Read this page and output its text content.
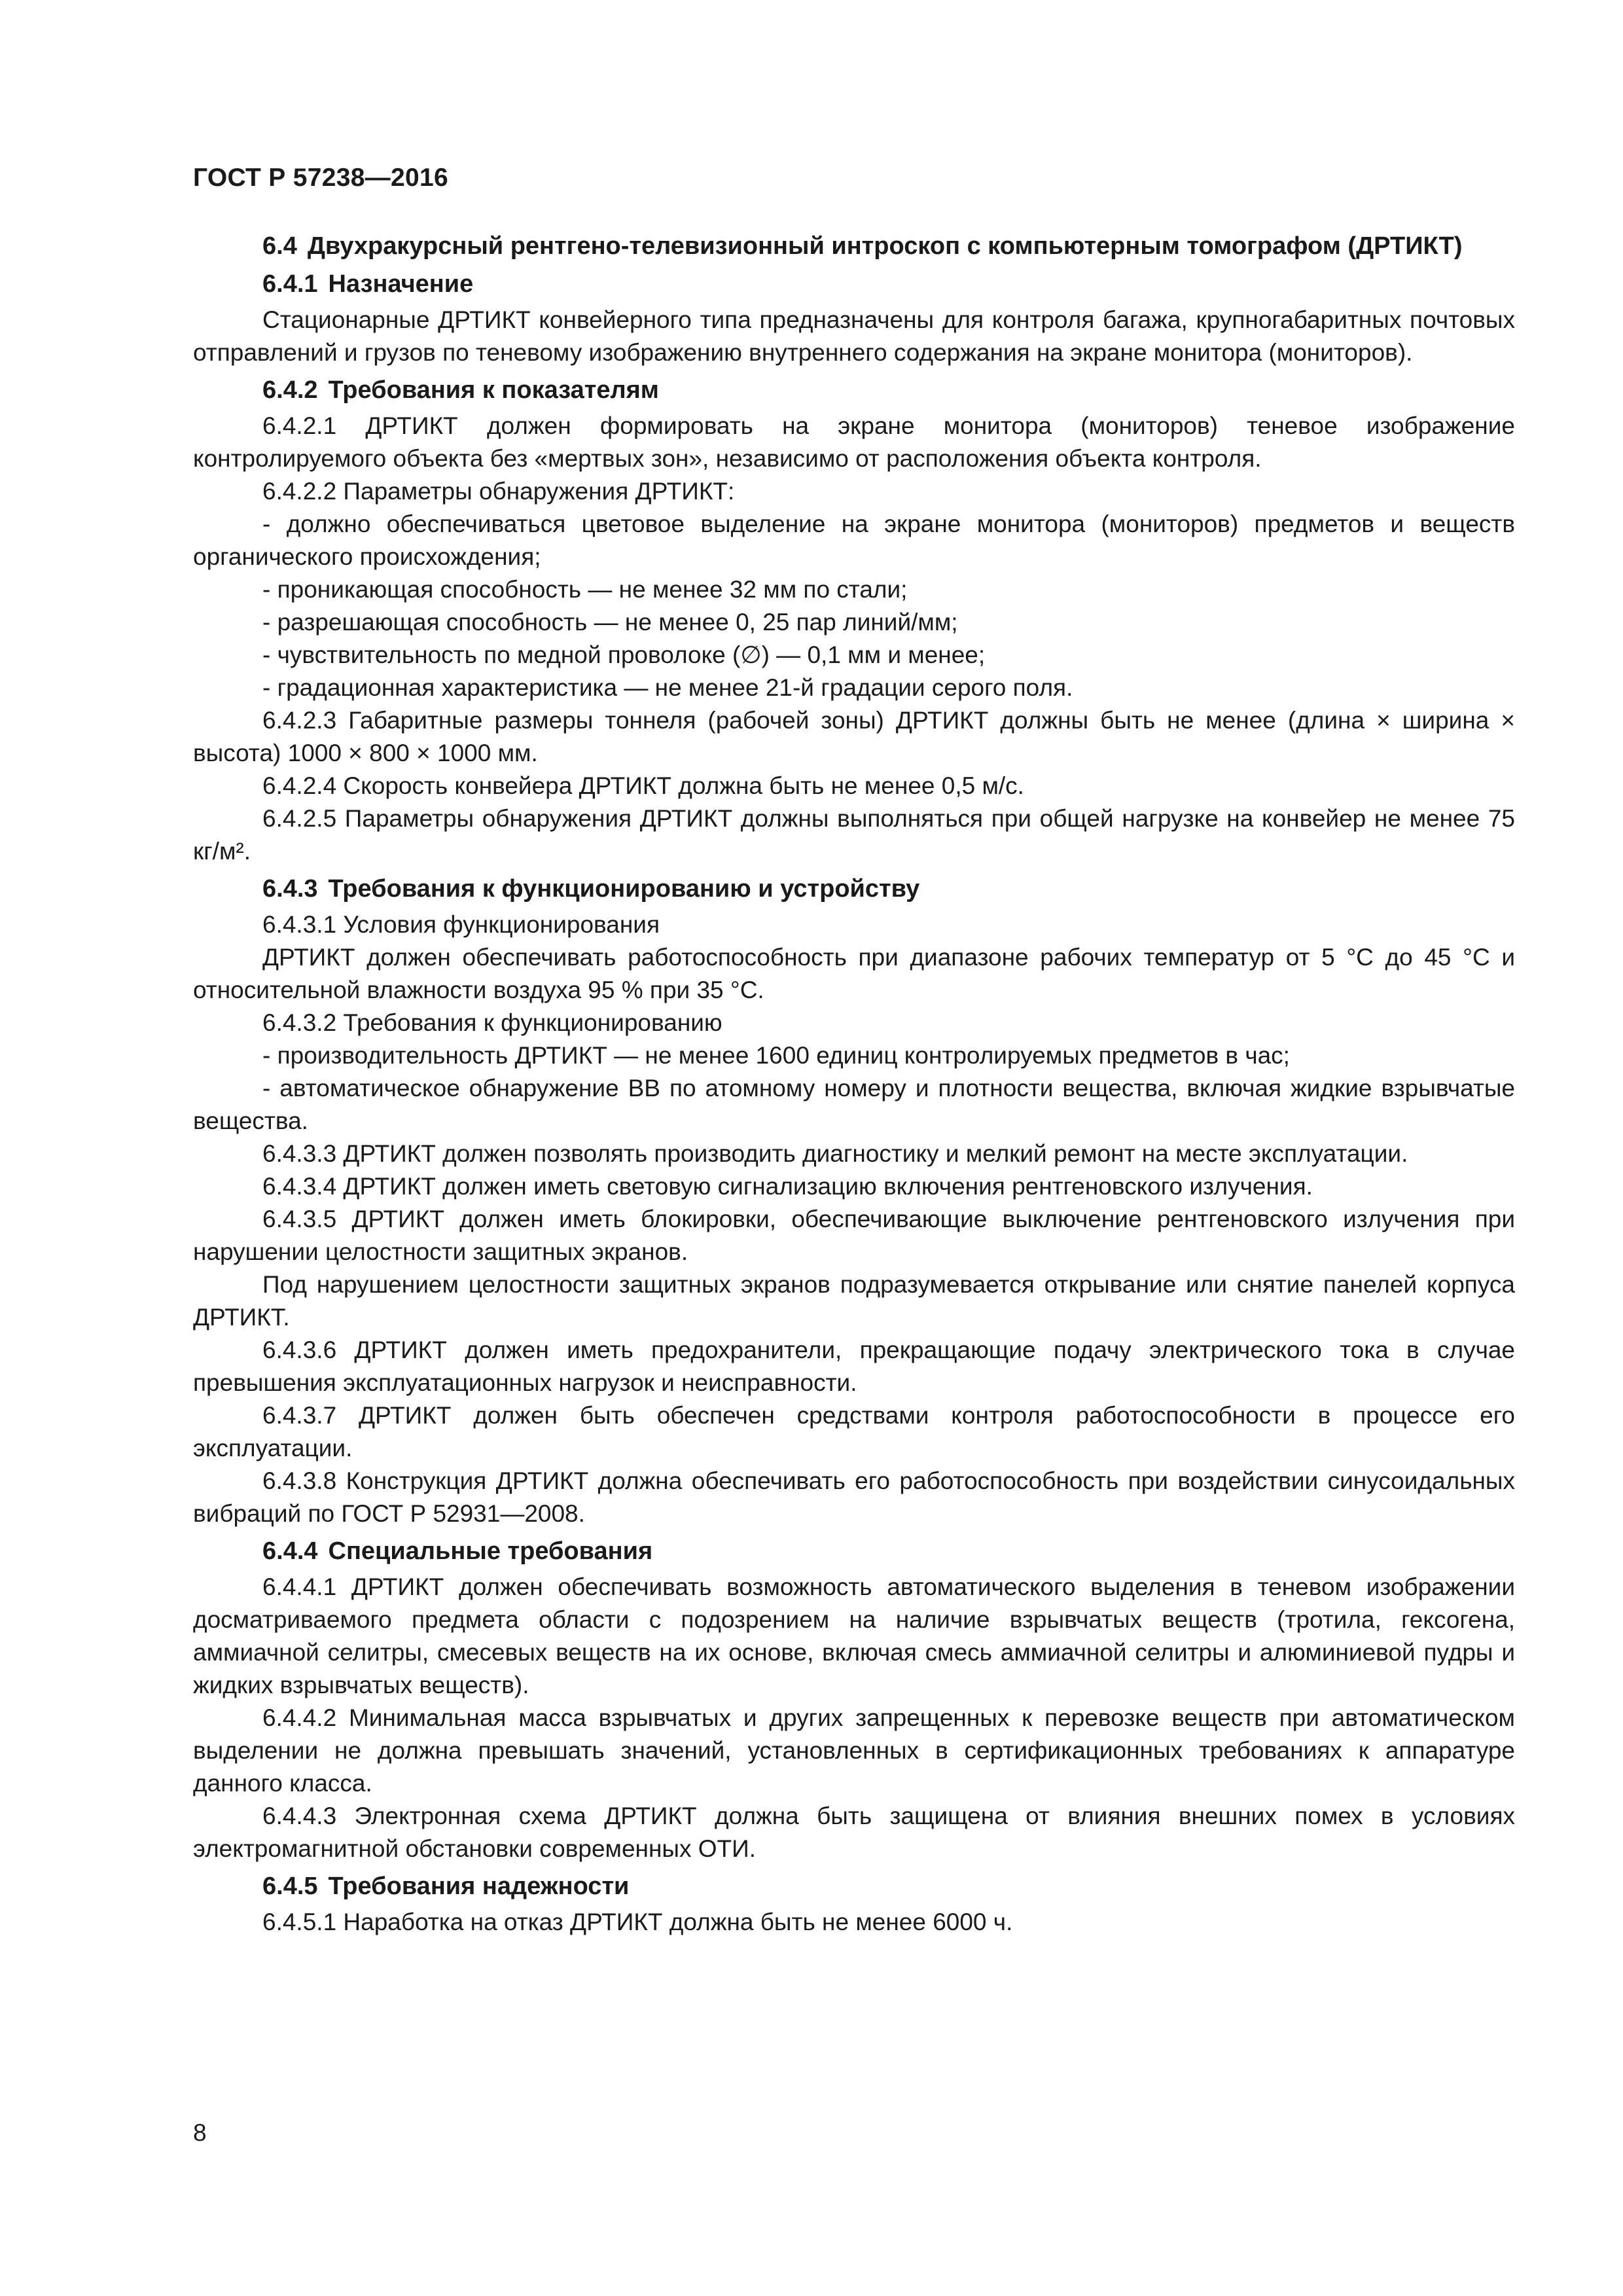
ГОСТ Р 57238—2016
6.4 Двухракурсный рентгено-телевизионный интроскоп с компьютерным томографом (ДРТИКТ)
6.4.1 Назначение

Стационарные ДРТИКТ конвейерного типа предназначены для контроля багажа, крупногабаритных почтовых отправлений и грузов по теневому изображению внутреннего содержания на экране монитора (мониторов).

6.4.2 Требования к показателям

6.4.2.1 ДРТИКТ должен формировать на экране монитора (мониторов) теневое изображение контролируемого объекта без «мертвых зон», независимо от расположения объекта контроля.

6.4.2.2 Параметры обнаружения ДРТИКТ:

- должно обеспечиваться цветовое выделение на экране монитора (мониторов) предметов и веществ органического происхождения;

- проникающая способность — не менее 32 мм по стали;

- разрешающая способность — не менее 0, 25 пар линий/мм;

- чувствительность по медной проволоке (∅) — 0,1 мм и менее;

- градационная характеристика — не менее 21-й градации серого поля.

6.4.2.3 Габаритные размеры тоннеля (рабочей зоны) ДРТИКТ должны быть не менее (длина × ширина × высота) 1000 × 800 × 1000 мм.

6.4.2.4 Скорость конвейера ДРТИКТ должна быть не менее 0,5 м/с.

6.4.2.5 Параметры обнаружения ДРТИКТ должны выполняться при общей нагрузке на конвейер не менее 75 кг/м².

6.4.3 Требования к функционированию и устройству

6.4.3.1 Условия функционирования

ДРТИКТ должен обеспечивать работоспособность при диапазоне рабочих температур от 5 °С до 45 °С и относительной влажности воздуха 95 % при 35 °С.

6.4.3.2 Требования к функционированию

- производительность ДРТИКТ — не менее 1600 единиц контролируемых предметов в час;

- автоматическое обнаружение ВВ по атомному номеру и плотности вещества, включая жидкие взрывчатые вещества.

6.4.3.3 ДРТИКТ должен позволять производить диагностику и мелкий ремонт на месте эксплуатации.

6.4.3.4 ДРТИКТ должен иметь световую сигнализацию включения рентгеновского излучения.

6.4.3.5 ДРТИКТ должен иметь блокировки, обеспечивающие выключение рентгеновского излучения при нарушении целостности защитных экранов.

Под нарушением целостности защитных экранов подразумевается открывание или снятие панелей корпуса ДРТИКТ.

6.4.3.6 ДРТИКТ должен иметь предохранители, прекращающие подачу электрического тока в случае превышения эксплуатационных нагрузок и неисправности.

6.4.3.7 ДРТИКТ должен быть обеспечен средствами контроля работоспособности в процессе его эксплуатации.

6.4.3.8 Конструкция ДРТИКТ должна обеспечивать его работоспособность при воздействии синусоидальных вибраций по ГОСТ Р 52931—2008.

6.4.4 Специальные требования

6.4.4.1 ДРТИКТ должен обеспечивать возможность автоматического выделения в теневом изображении досматриваемого предмета области с подозрением на наличие взрывчатых веществ (тротила, гексогена, аммиачной селитры, смесевых веществ на их основе, включая смесь аммиачной селитры и алюминиевой пудры и жидких взрывчатых веществ).

6.4.4.2 Минимальная масса взрывчатых и других запрещенных к перевозке веществ при автоматическом выделении не должна превышать значений, установленных в сертификационных требованиях к аппаратуре данного класса.

6.4.4.3 Электронная схема ДРТИКТ должна быть защищена от влияния внешних помех в условиях электромагнитной обстановки современных ОТИ.

6.4.5 Требования надежности

6.4.5.1 Наработка на отказ ДРТИКТ должна быть не менее 6000 ч.

8
